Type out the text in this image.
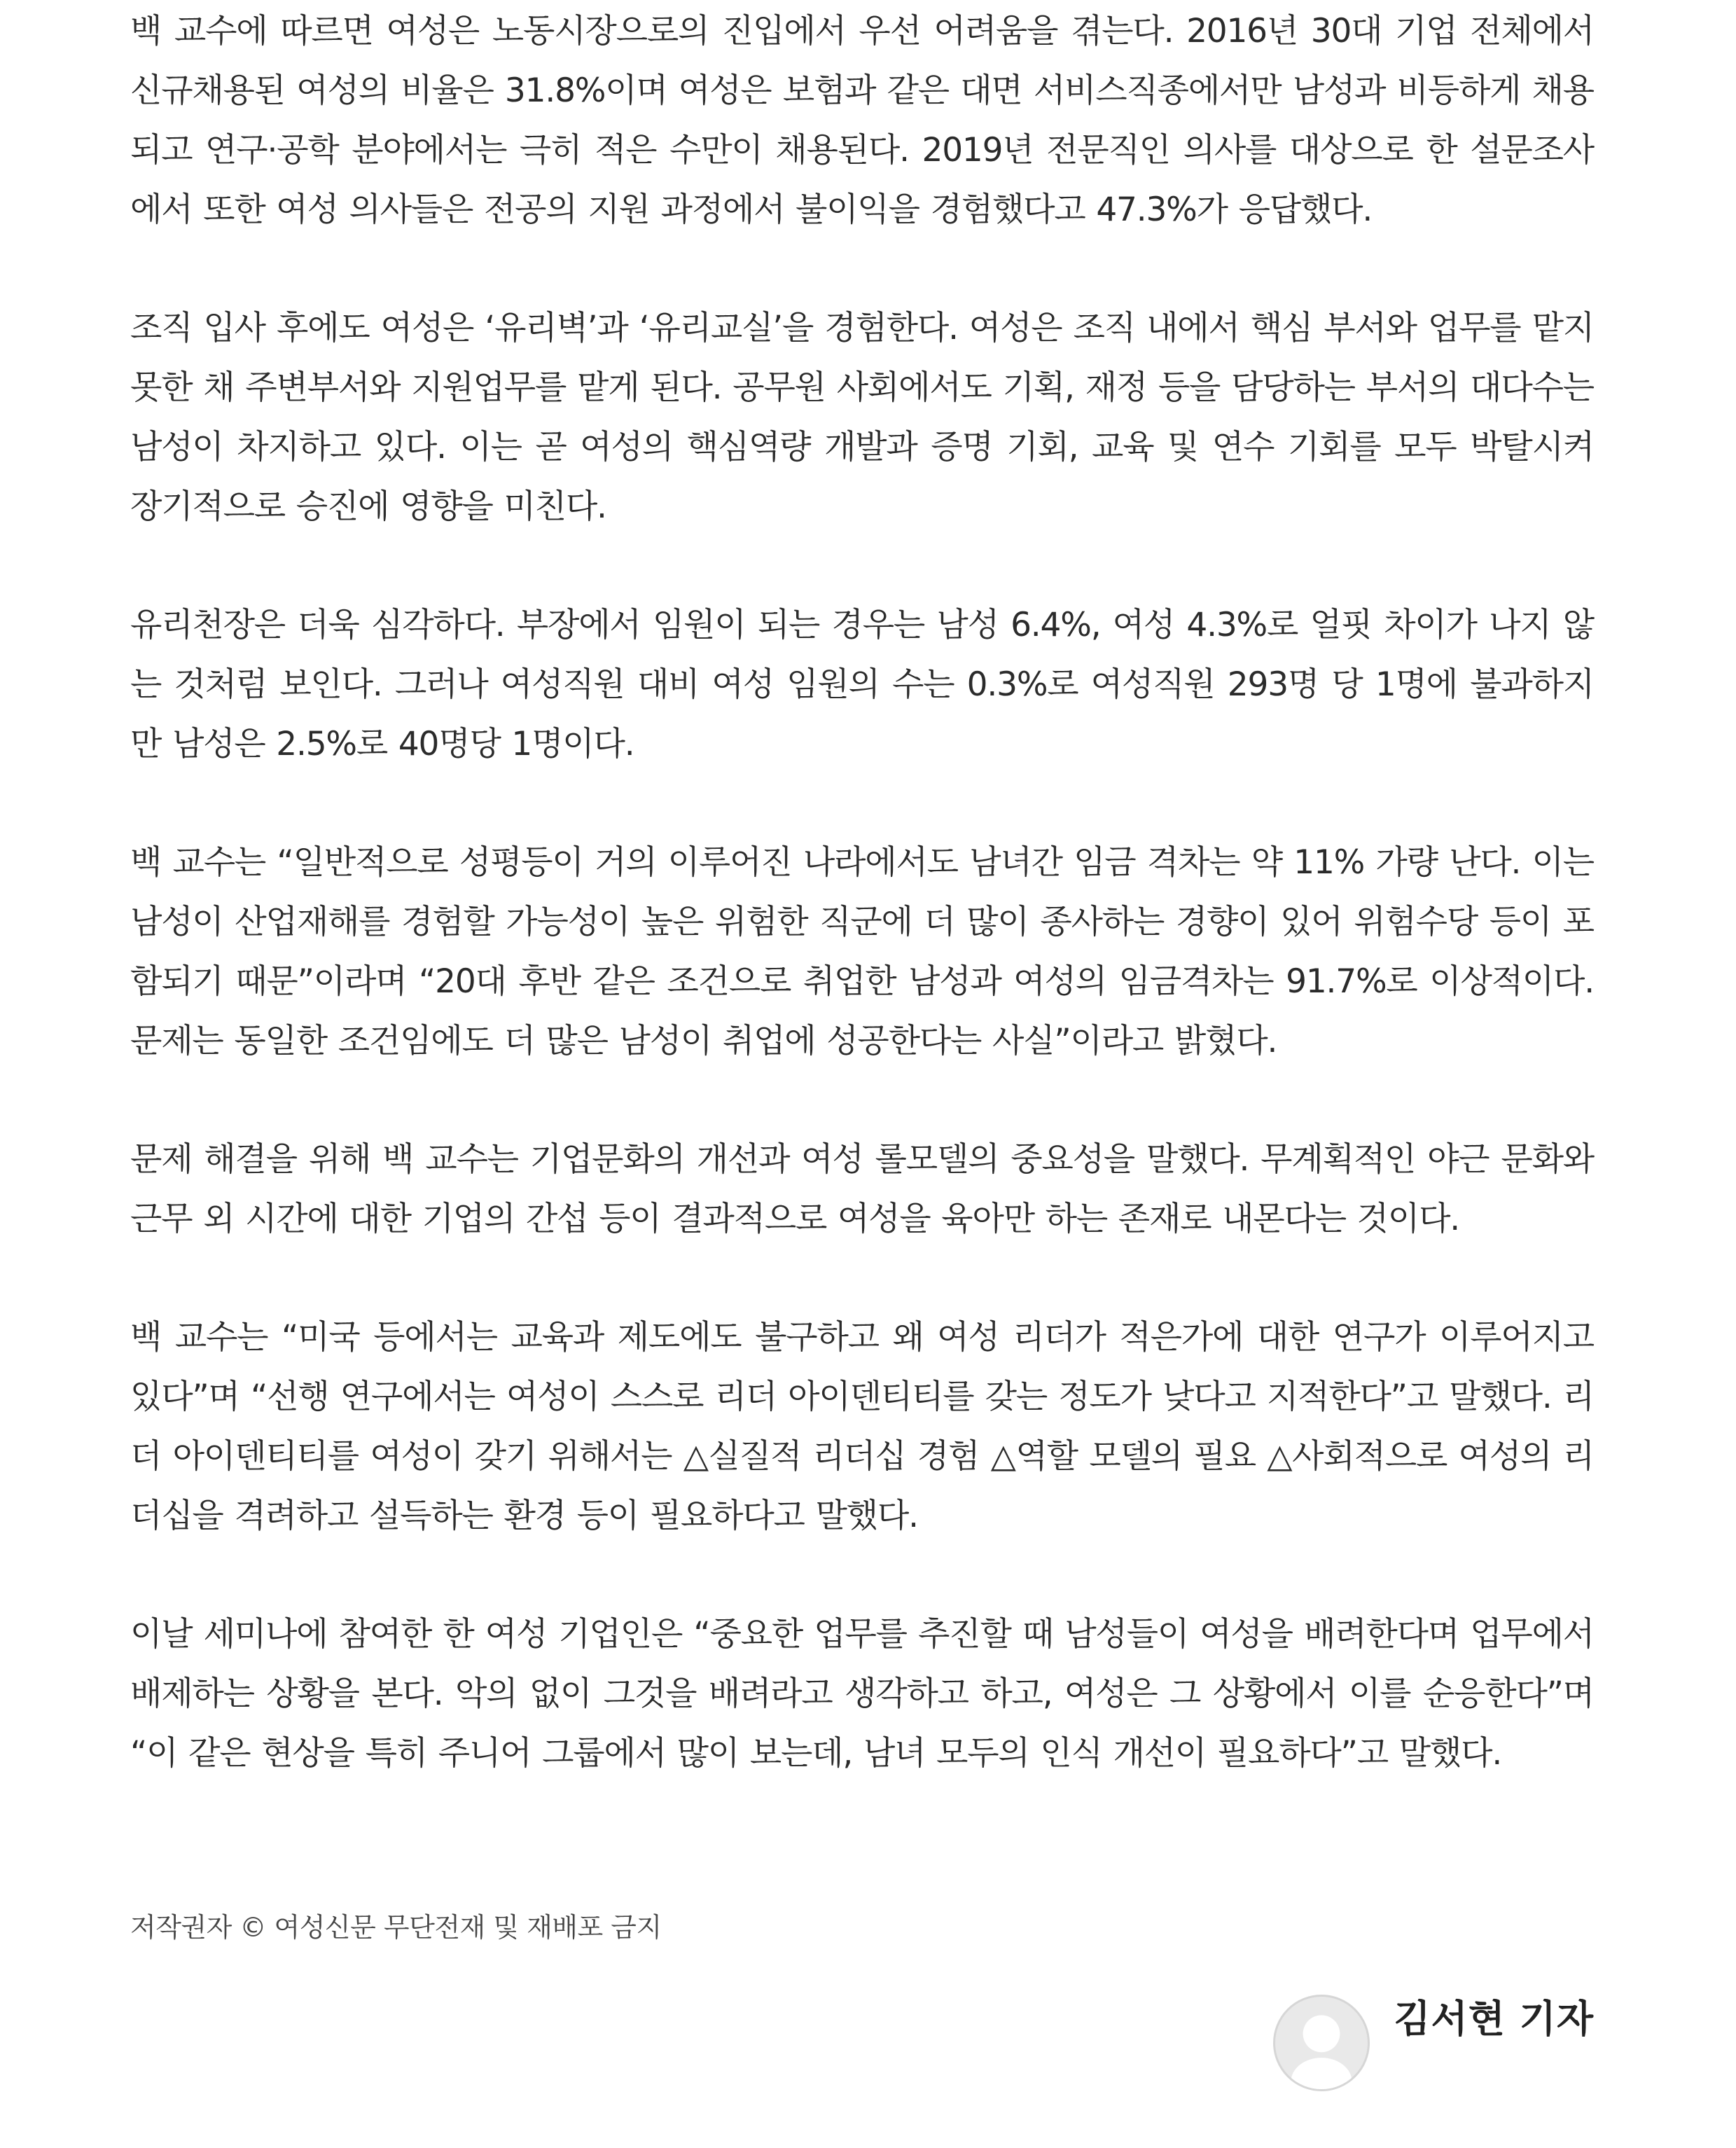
백 교수에 따르면 여성은 노동시장으로의 진입에서 우선 어려움을 겪는다. 2016년 30대 기업 전체에서 신규채용된 여성의 비율은 31.8%이며 여성은 보험과 같은 대면 서비스직종에서만 남성과 비등하게 채용되고 연구·공학 분야에서는 극히 적은 수만이 채용된다. 2019년 전문직인 의사를 대상으로 한 설문조사에서 또한 여성 의사들은 전공의 지원 과정에서 불이익을 경험했다고 47.3%가 응답했다.

조직 입사 후에도 여성은 ‘유리벽’과 ‘유리교실’을 경험한다. 여성은 조직 내에서 핵심 부서와 업무를 맡지 못한 채 주변부서와 지원업무를 맡게 된다. 공무원 사회에서도 기획, 재정 등을 담당하는 부서의 대다수는 남성이 차지하고 있다. 이는 곧 여성의 핵심역량 개발과 증명 기회, 교육 및 연수 기회를 모두 박탈시켜 장기적으로 승진에 영향을 미친다.

유리천장은 더욱 심각하다. 부장에서 임원이 되는 경우는 남성 6.4%, 여성 4.3%로 얼핏 차이가 나지 않는 것처럼 보인다. 그러나 여성직원 대비 여성 임원의 수는 0.3%로 여성직원 293명 당 1명에 불과하지만 남성은 2.5%로 40명당 1명이다.

백 교수는 “일반적으로 성평등이 거의 이루어진 나라에서도 남녀간 임금 격차는 약 11% 가량 난다. 이는 남성이 산업재해를 경험할 가능성이 높은 위험한 직군에 더 많이 종사하는 경향이 있어 위험수당 등이 포함되기 때문”이라며 “20대 후반 같은 조건으로 취업한 남성과 여성의 임금격차는 91.7%로 이상적이다. 문제는 동일한 조건임에도 더 많은 남성이 취업에 성공한다는 사실”이라고 밝혔다.

문제 해결을 위해 백 교수는 기업문화의 개선과 여성 롤모델의 중요성을 말했다. 무계획적인 야근 문화와 근무 외 시간에 대한 기업의 간섭 등이 결과적으로 여성을 육아만 하는 존재로 내몬다는 것이다.

백 교수는 “미국 등에서는 교육과 제도에도 불구하고 왜 여성 리더가 적은가에 대한 연구가 이루어지고 있다”며 “선행 연구에서는 여성이 스스로 리더 아이덴티티를 갖는 정도가 낮다고 지적한다”고 말했다. 리더 아이덴티티를 여성이 갖기 위해서는 △실질적 리더십 경험 △역할 모델의 필요 △사회적으로 여성의 리더십을 격려하고 설득하는 환경 등이 필요하다고 말했다.

이날 세미나에 참여한 한 여성 기업인은 “중요한 업무를 추진할 때 남성들이 여성을 배려한다며 업무에서 배제하는 상황을 본다. 악의 없이 그것을 배려라고 생각하고 하고, 여성은 그 상황에서 이를 순응한다”며 “이 같은 현상을 특히 주니어 그룹에서 많이 보는데, 남녀 모두의 인식 개선이 필요하다”고 말했다.

저작권자 © 여성신문 무단전재 및 재배포 금지
김서현 기자
